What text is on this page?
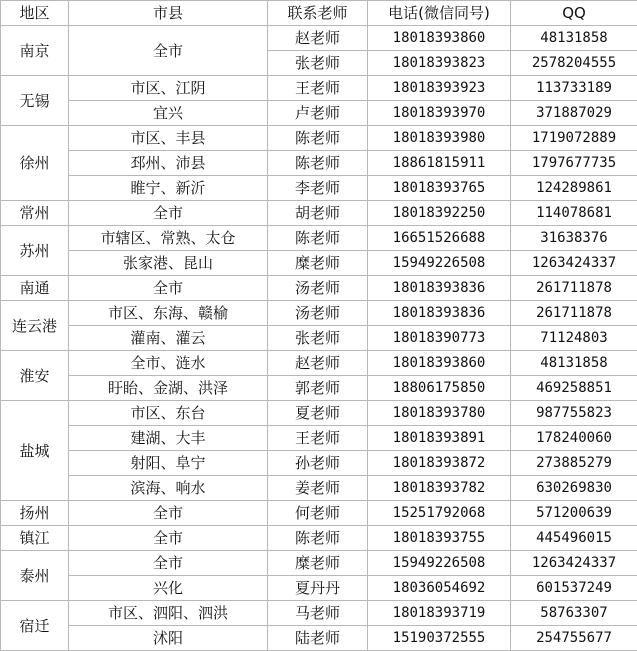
地区	市县	联系老师	电话(微信同号)	QQ
南京	全市	赵老师	18018393860	48131858
		张老师	18018393823	2578204555
无锡	市区、江阴	王老师	18018393923	113733189
	宜兴	卢老师	18018393970	371887029
徐州	市区、丰县	陈老师	18018393980	1719072889
	邳州、沛县	陈老师	18861815911	1797677735
	睢宁、新沂	李老师	18018393765	124289861
常州	全市	胡老师	18018392250	114078681
苏州	市辖区、常熟、太仓	陈老师	16651526688	31638376
	张家港、昆山	糜老师	15949226508	1263424337
南通	全市	汤老师	18018393836	261711878
连云港	市区、东海、赣榆	汤老师	18018393836	261711878
	灌南、灌云	张老师	18018390773	71124803
淮安	全市、涟水	赵老师	18018393860	48131858
	盱眙、金湖、洪泽	郭老师	18806175850	469258851
盐城	市区、东台	夏老师	18018393780	987755823
	建湖、大丰	王老师	18018393891	178240060
	射阳、阜宁	孙老师	18018393872	273885279
	滨海、响水	姜老师	18018393782	630269830
扬州	全市	何老师	15251792068	571200639
镇江	全市	陈老师	18018393755	445496015
泰州	全市	糜老师	15949226508	1263424337
	兴化	夏丹丹	18036054692	601537249
宿迁	市区、泗阳、泗洪	马老师	18018393719	58763307
	沭阳	陆老师	15190372555	254755677
